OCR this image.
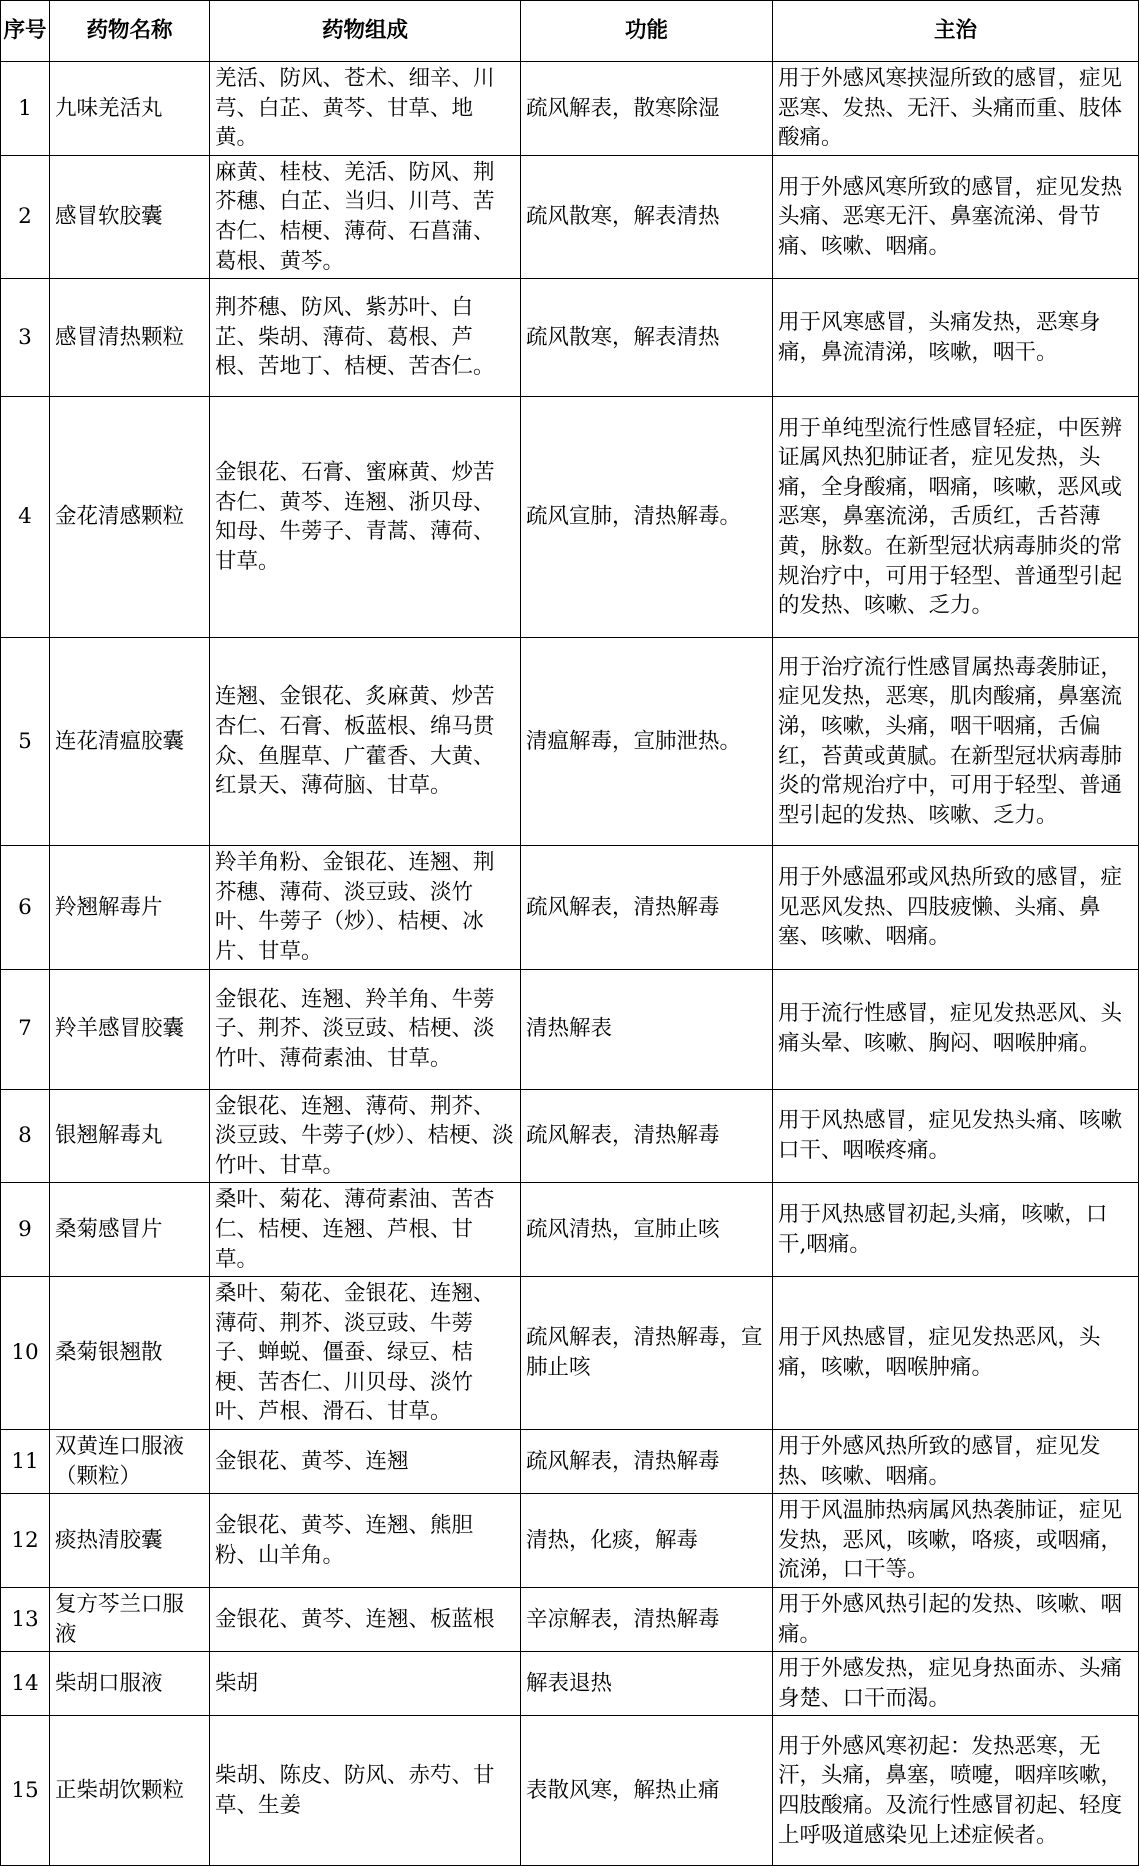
序号	药物名称	药物组成	功能	主治
1	九味羌活丸	羌活、防风、苍术、细辛、川芎、白芷、黄芩、甘草、地黄。	疏风解表，散寒除湿	用于外感风寒挟湿所致的感冒，症见恶寒、发热、无汗、头痛而重、肢体酸痛。
2	感冒软胶囊	麻黄、桂枝、羌活、防风、荆芥穗、白芷、当归、川芎、苦杏仁、桔梗、薄荷、石菖蒲、葛根、黄芩。	疏风散寒，解表清热	用于外感风寒所致的感冒，症见发热头痛、恶寒无汗、鼻塞流涕、骨节痛、咳嗽、咽痛。
3	感冒清热颗粒	荆芥穗、防风、紫苏叶、白芷、柴胡、薄荷、葛根、芦根、苦地丁、桔梗、苦杏仁。	疏风散寒，解表清热	用于风寒感冒，头痛发热，恶寒身痛，鼻流清涕，咳嗽，咽干。
4	金花清感颗粒	金银花、石膏、蜜麻黄、炒苦杏仁、黄芩、连翘、浙贝母、知母、牛蒡子、青蒿、薄荷、甘草。	疏风宣肺，清热解毒。	用于单纯型流行性感冒轻症，中医辨证属风热犯肺证者，症见发热，头痛，全身酸痛，咽痛，咳嗽，恶风或恶寒，鼻塞流涕，舌质红，舌苔薄黄，脉数。在新型冠状病毒肺炎的常规治疗中，可用于轻型、普通型引起的发热、咳嗽、乏力。
5	连花清瘟胶囊	连翘、金银花、炙麻黄、炒苦杏仁、石膏、板蓝根、绵马贯众、鱼腥草、广藿香、大黄、红景天、薄荷脑、甘草。	清瘟解毒，宣肺泄热。	用于治疗流行性感冒属热毒袭肺证，症见发热，恶寒，肌肉酸痛，鼻塞流涕，咳嗽，头痛，咽干咽痛，舌偏红，苔黄或黄腻。在新型冠状病毒肺炎的常规治疗中，可用于轻型、普通型引起的发热、咳嗽、乏力。
6	羚翘解毒片	羚羊角粉、金银花、连翘、荆芥穗、薄荷、淡豆豉、淡竹叶、牛蒡子（炒）、桔梗、冰片、甘草。	疏风解表，清热解毒	用于外感温邪或风热所致的感冒，症见恶风发热、四肢疲懒、头痛、鼻塞、咳嗽、咽痛。
7	羚羊感冒胶囊	金银花、连翘、羚羊角、牛蒡子、荆芥、淡豆豉、桔梗、淡竹叶、薄荷素油、甘草。	清热解表	用于流行性感冒，症见发热恶风、头痛头晕、咳嗽、胸闷、咽喉肿痛。
8	银翘解毒丸	金银花、连翘、薄荷、荆芥、淡豆豉、牛蒡子(炒）、桔梗、淡竹叶、甘草。	疏风解表，清热解毒	用于风热感冒，症见发热头痛、咳嗽口干、咽喉疼痛。
9	桑菊感冒片	桑叶、菊花、薄荷素油、苦杏仁、桔梗、连翘、芦根、甘草。	疏风清热，宣肺止咳	用于风热感冒初起,头痛，咳嗽，口干,咽痛。
10	桑菊银翘散	桑叶、菊花、金银花、连翘、薄荷、荆芥、淡豆豉、牛蒡子、蝉蜕、僵蚕、绿豆、桔梗、苦杏仁、川贝母、淡竹叶、芦根、滑石、甘草。	疏风解表，清热解毒，宣肺止咳	用于风热感冒，症见发热恶风，头痛，咳嗽，咽喉肿痛。
11	双黄连口服液（颗粒）	金银花、黄芩、连翘	疏风解表，清热解毒	用于外感风热所致的感冒，症见发热、咳嗽、咽痛。
12	痰热清胶囊	金银花、黄芩、连翘、熊胆粉、山羊角。	清热，化痰，解毒	用于风温肺热病属风热袭肺证，症见发热，恶风，咳嗽，咯痰，或咽痛，流涕，口干等。
13	复方芩兰口服液	金银花、黄芩、连翘、板蓝根	辛凉解表，清热解毒	用于外感风热引起的发热、咳嗽、咽痛。
14	柴胡口服液	柴胡	解表退热	用于外感发热，症见身热面赤、头痛身楚、口干而渴。
15	正柴胡饮颗粒	柴胡、陈皮、防风、赤芍、甘草、生姜	表散风寒，解热止痛	用于外感风寒初起：发热恶寒，无汗，头痛，鼻塞，喷嚏，咽痒咳嗽，四肢酸痛。及流行性感冒初起、轻度上呼吸道感染见上述症候者。
